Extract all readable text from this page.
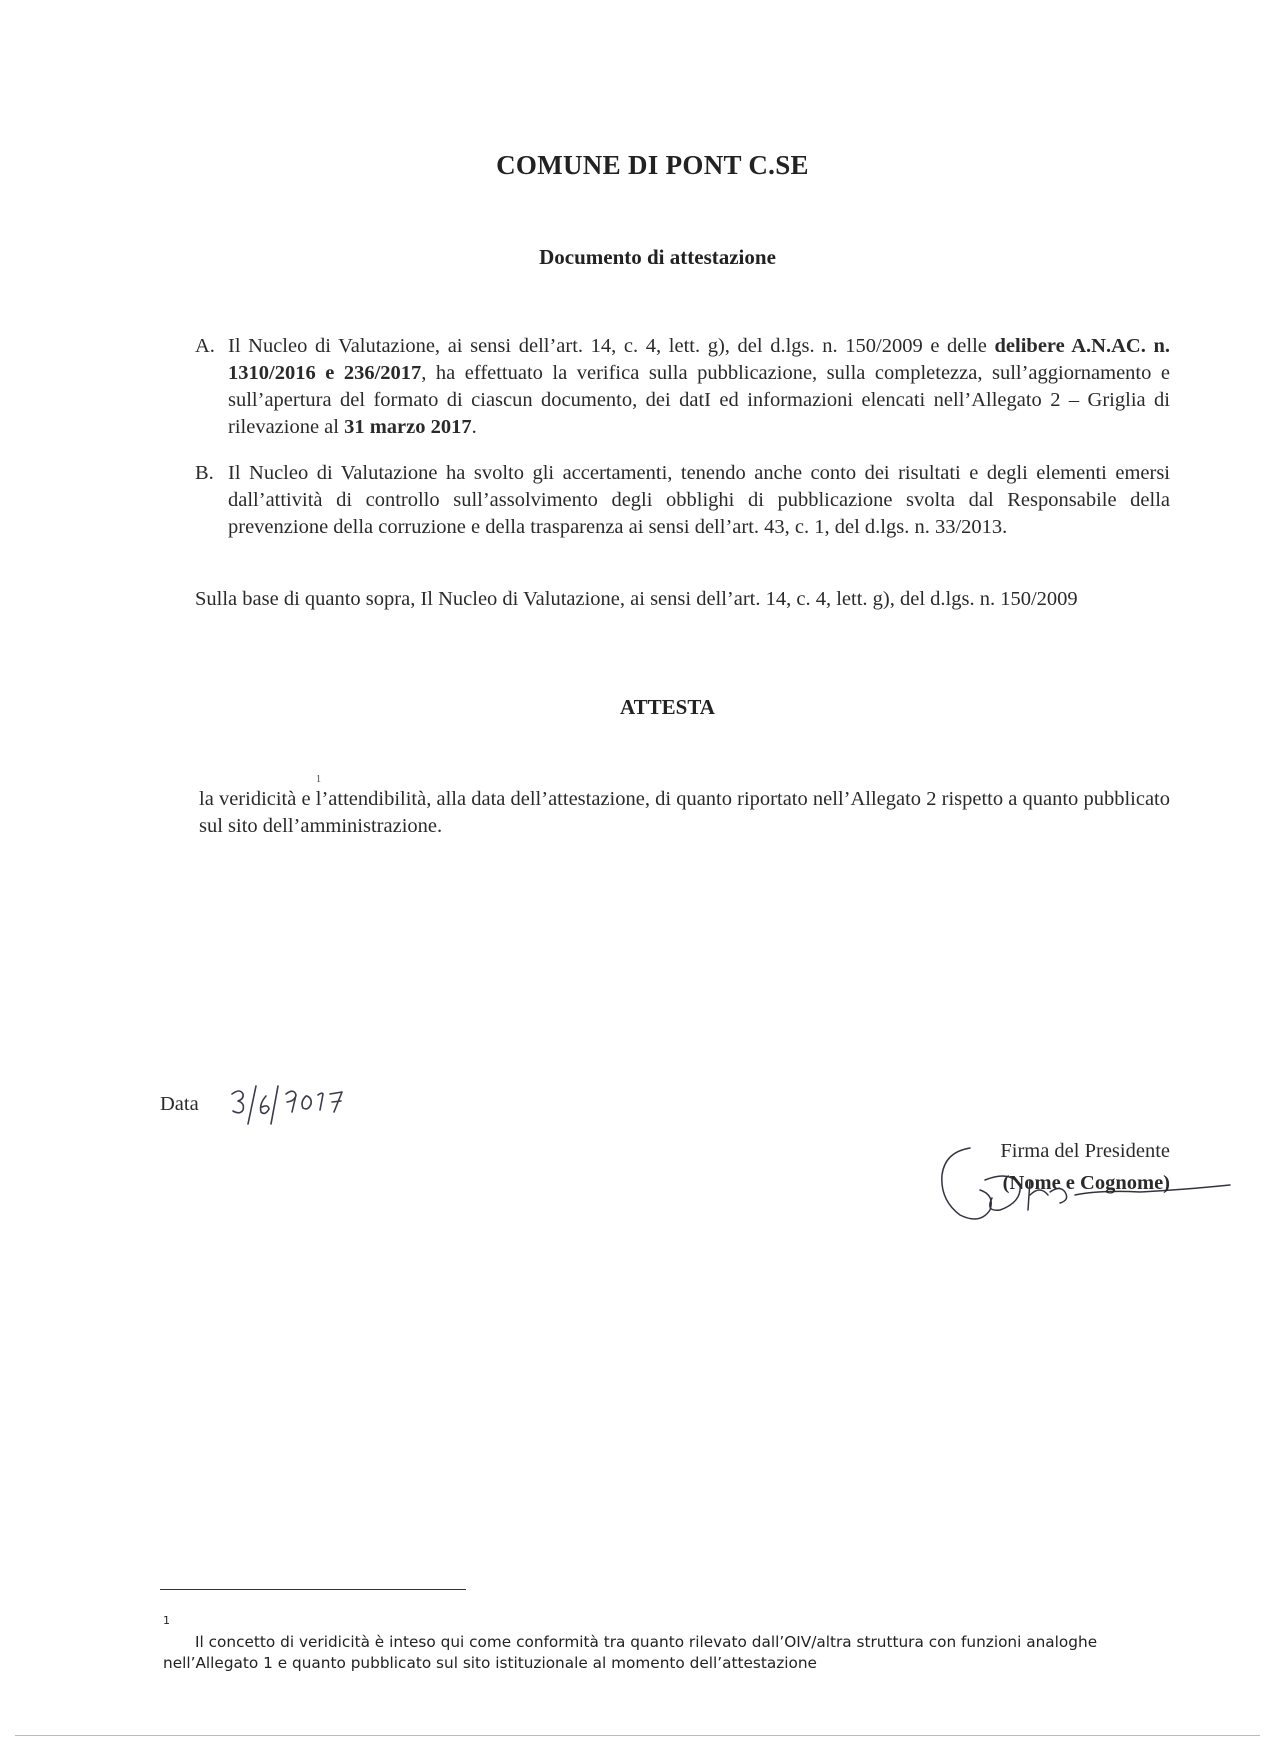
COMUNE DI PONT C.SE
Documento di attestazione
A. Il Nucleo di Valutazione, ai sensi dell’art. 14, c. 4, lett. g), del d.lgs. n. 150/2009 e delle delibere A.N.AC. n. 1310/2016 e 236/2017, ha effettuato la verifica sulla pubblicazione, sulla completezza, sull’aggiornamento e sull’apertura del formato di ciascun documento, dei datI ed informazioni elencati nell’Allegato 2 – Griglia di rilevazione al 31 marzo 2017.
B. Il Nucleo di Valutazione ha svolto gli accertamenti, tenendo anche conto dei risultati e degli elementi emersi dall’attività di controllo sull’assolvimento degli obblighi di pubblicazione svolta dal Responsabile della prevenzione della corruzione e della trasparenza ai sensi dell’art. 43, c. 1, del d.lgs. n. 33/2013.
Sulla base di quanto sopra, Il Nucleo di Valutazione, ai sensi dell’art. 14, c. 4, lett. g), del d.lgs. n. 150/2009
ATTESTA
1
la veridicità e l’attendibilità, alla data dell’attestazione, di quanto riportato nell’Allegato 2 rispetto a quanto pubblicato sul sito dell’amministrazione.
Data
Firma del Presidente
(Nome e Cognome)
1
Il concetto di veridicità è inteso qui come conformità tra quanto rilevato dall’OIV/altra struttura con funzioni analoghe nell’Allegato 1 e quanto pubblicato sul sito istituzionale al momento dell’attestazione
